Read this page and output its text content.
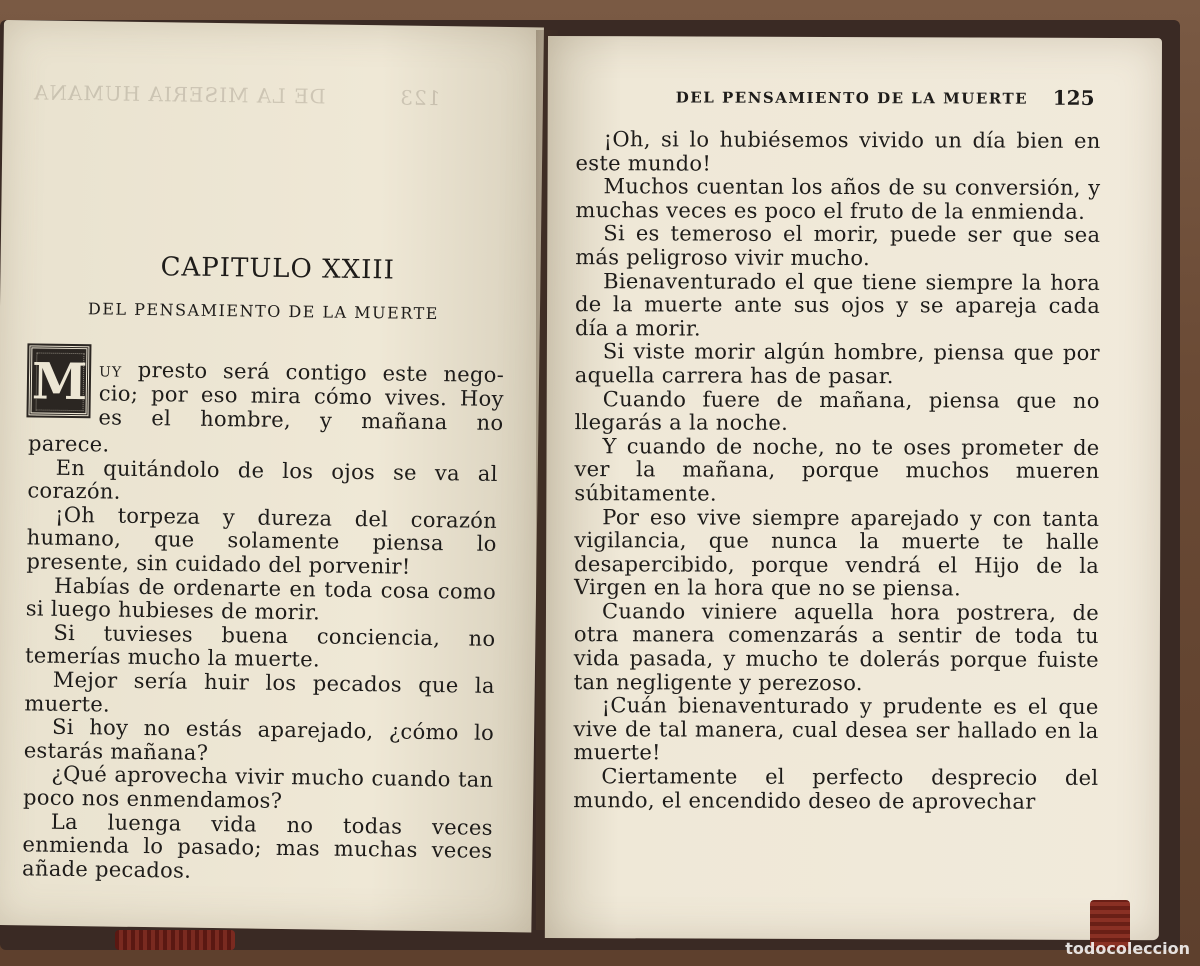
123          DE LA MISERIA HUMANA
CAPITULO XXIII
DEL PENSAMIENTO DE LA MUERTE
M UY presto será contigo este nego-
cio; por eso mira cómo vives. Hoy
es el hombre, y mañana no

parece.

En quitándolo de los ojos se va al corazón.

¡Oh torpeza y dureza del corazón humano, que solamente piensa lo presente, sin cuidado del porvenir!

Habías de ordenarte en toda cosa como si luego hubieses de morir.

Si tuvieses buena conciencia, no temerías mucho la muerte.

Mejor sería huir los pecados que la muerte.

Si hoy no estás aparejado, ¿cómo lo estarás mañana?

¿Qué aprovecha vivir mucho cuando tan poco nos enmendamos?

La luenga vida no todas veces enmienda lo pasado; mas muchas veces añade pecados.

DEL PENSAMIENTO DE LA MUERTE 125

¡Oh, si lo hubiésemos vivido un día bien en este mundo!

Muchos cuentan los años de su conversión, y muchas veces es poco el fruto de la enmienda.

Si es temeroso el morir, puede ser que sea más peligroso vivir mucho.

Bienaventurado el que tiene siempre la hora de la muerte ante sus ojos y se apareja cada día a morir.

Si viste morir algún hombre, piensa que por aquella carrera has de pasar.

Cuando fuere de mañana, piensa que no llegarás a la noche.

Y cuando de noche, no te oses prometer de ver la mañana, porque muchos mueren súbitamente.

Por eso vive siempre aparejado y con tanta vigilancia, que nunca la muerte te halle desapercibido, porque vendrá el Hijo de la Virgen en la hora que no se piensa.

Cuando viniere aquella hora postrera, de otra manera comenzarás a sentir de toda tu vida pasada, y mucho te dolerás porque fuiste tan negligente y perezoso.

¡Cuán bienaventurado y prudente es el que vive de tal manera, cual desea ser hallado en la muerte!

Ciertamente el perfecto desprecio del mundo, el encendido deseo de aprovechar

todocoleccion
